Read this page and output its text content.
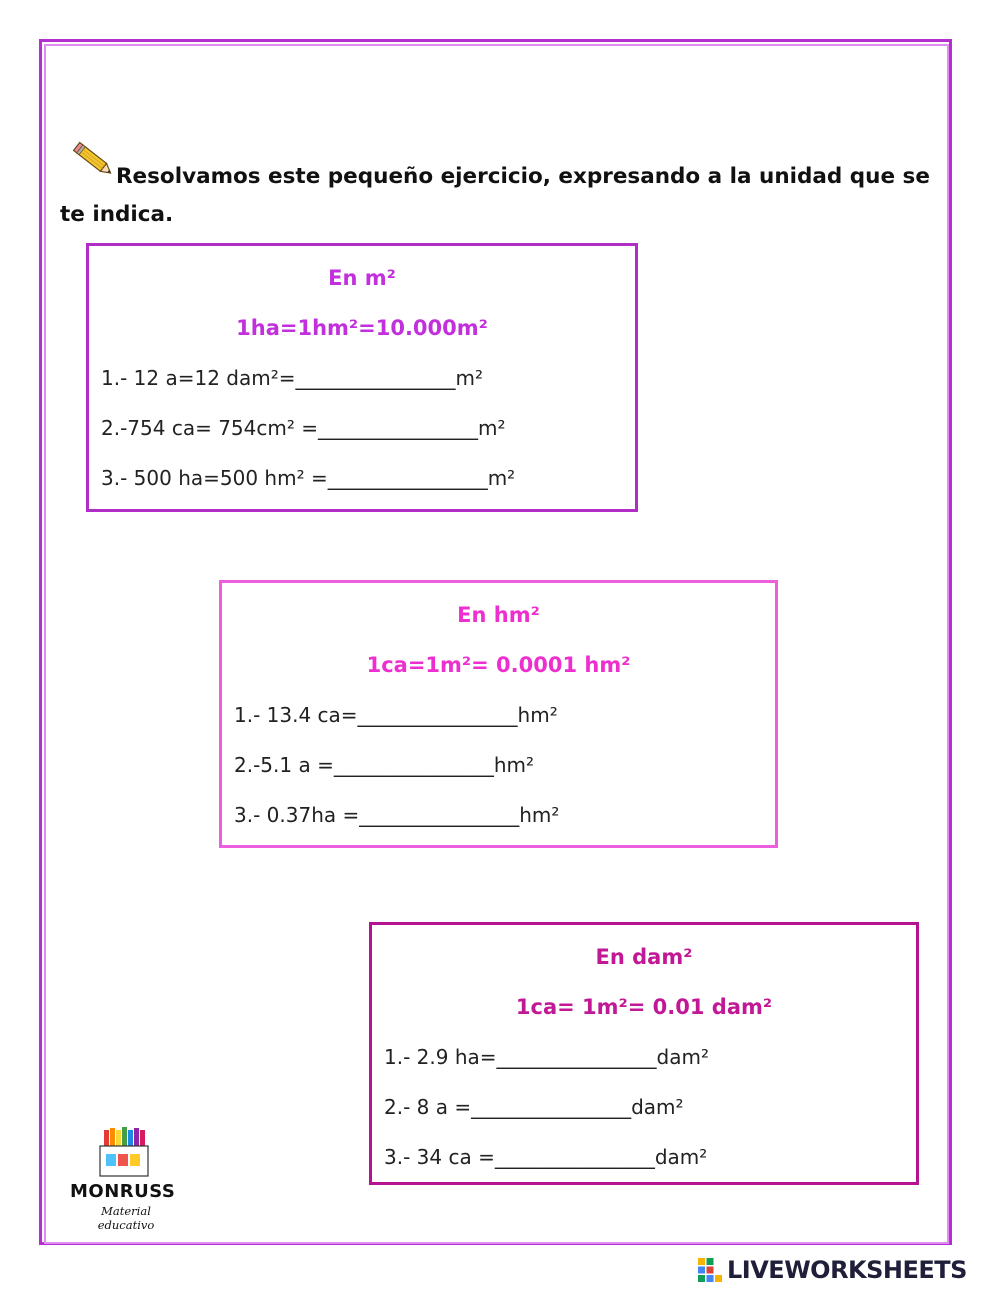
Resolvamos este pequeño ejercicio, expresando a la unidad que se te indica.

En m²

1ha=1hm²=10.000m²

1.- 12 a=12 dam²=________________m²

2.-754 ca= 754cm² =________________m²

3.- 500 ha=500 hm² =________________m²

En hm²

1ca=1m²= 0.0001 hm²

1.- 13.4 ca=________________hm²

2.-5.1 a =________________hm²

3.- 0.37ha =________________hm²

En dam²

1ca= 1m²= 0.01 dam²

1.- 2.9 ha=________________dam²

2.- 8 a =________________dam²

3.- 34 ca =________________dam²

MONRUSS
Material educativo
LIVEWORKSHEETS
